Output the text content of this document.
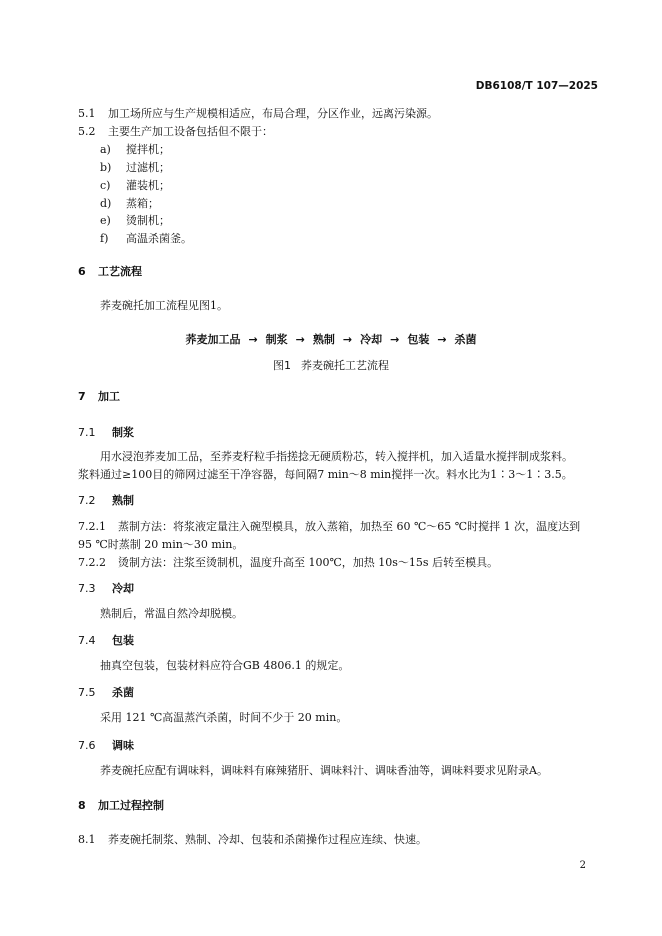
DB6108/T 107—2025
5.1 加工场所应与生产规模相适应，布局合理，分区作业，远离污染源。
5.2 主要生产加工设备包括但不限于：
a) 搅拌机；
b) 过滤机；
c) 灌装机；
d) 蒸箱；
e) 烫制机；
f) 高温杀菌釜。
6 工艺流程
荞麦碗托加工流程见图1。
荞麦加工品 → 制浆 → 熟制 → 冷却 → 包装 → 杀菌
图1 荞麦碗托工艺流程
7 加工
7.1 制浆
用水浸泡荞麦加工品，至荞麦籽粒手指搓捻无硬质粉芯，转入搅拌机，加入适量水搅拌制成浆料。
浆料通过≥100目的筛网过滤至干净容器，每间隔7 min～8 min搅拌一次。料水比为1∶3～1∶3.5。
7.2 熟制
7.2.1 蒸制方法：将浆液定量注入碗型模具，放入蒸箱，加热至 60 ℃～65 ℃时搅拌 1 次，温度达到
95 ℃时蒸制 20 min～30 min。
7.2.2 烫制方法：注浆至烫制机，温度升高至 100℃，加热 10s～15s 后转至模具。
7.3 冷却
熟制后，常温自然冷却脱模。
7.4 包装
抽真空包装，包装材料应符合GB 4806.1 的规定。
7.5 杀菌
采用 121 ℃高温蒸汽杀菌，时间不少于 20 min。
7.6 调味
荞麦碗托应配有调味料，调味料有麻辣猪肝、调味料汁、调味香油等，调味料要求见附录A。
8 加工过程控制
8.1 荞麦碗托制浆、熟制、冷却、包装和杀菌操作过程应连续、快速。
2
